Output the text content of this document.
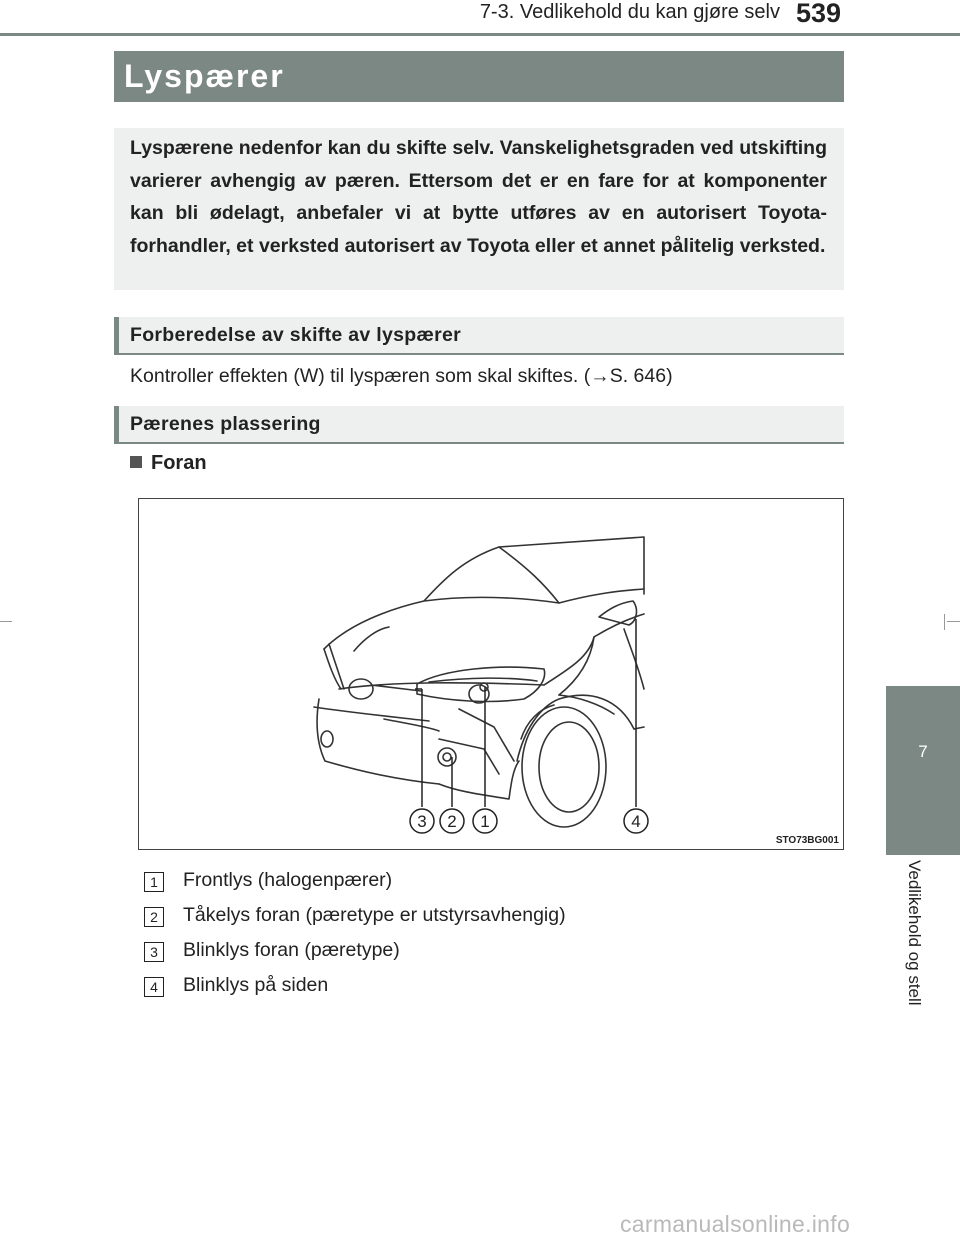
7-3. Vedlikehold du kan gjøre selv 539
Lyspærer

Lyspærene nedenfor kan du skifte selv. Vanskelighetsgraden ved utskifting varierer avhengig av pæren. Ettersom det er en fare for at komponenter kan bli ødelagt, anbefaler vi at bytte utføres av en autorisert Toyota-forhandler, et verksted autorisert av Toyota eller et annet pålitelig verksted.

Forberedelse av skifte av lyspærer
Kontroller effekten (W) til lyspæren som skal skiftes. (→S. 646)
Pærenes plassering
Foran
3 2 1	4
STO73BG001
1	Frontlys (halogenpærer)
2	Tåkelys foran (pæretype er utstyrsavhengig)
3	Blinklys foran (pæretype)
4	Blinklys på siden
7
Vedlikehold og stell
carmanualsonline.info
